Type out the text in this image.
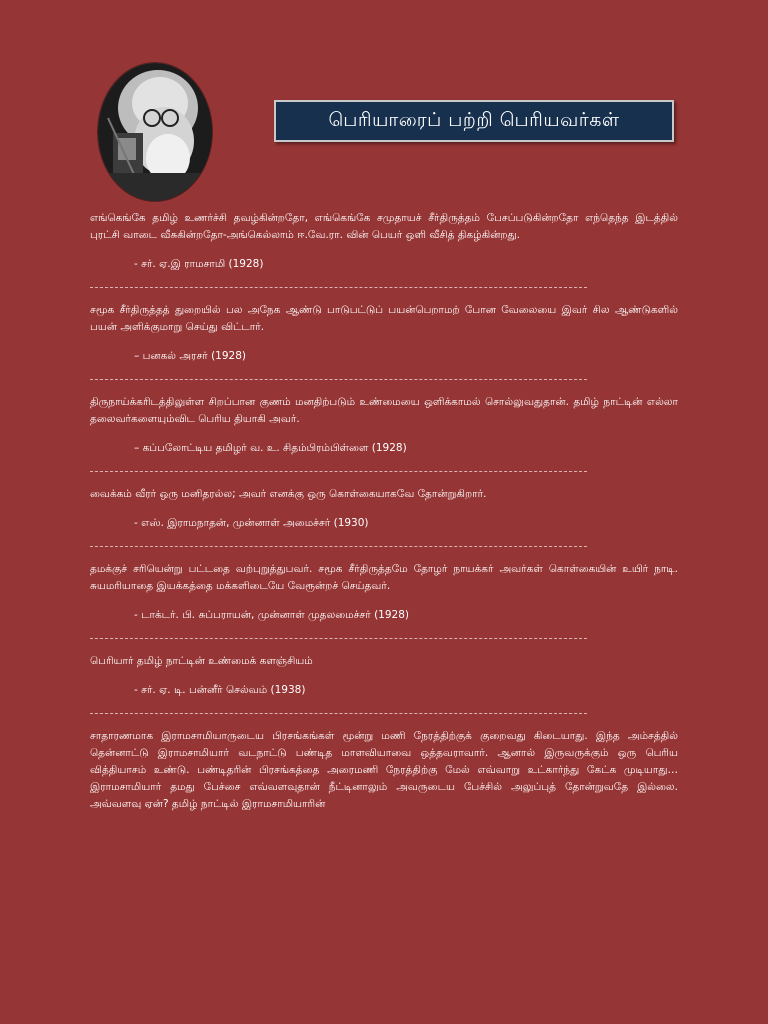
பெரியாரைப் பற்றி பெரியவர்கள்

எங்கெங்கே தமிழ் உணர்ச்சி தவழ்கின்றதோ, எங்கெங்கே சமுதாயச் சீர்திருத்தம் பேசப்படுகின்றதோ எந்தெந்த இடத்தில் புரட்சி வாடை வீசுகின்றதோ-அங்கெல்லாம் ஈ.வே.ரா. வின் பெயர் ஒளி வீசித் திகழ்கின்றது.

- சர். ஏ.இ ராமசாமி (1928)

சமூக சீர்திருத்தத் துறையில் பல அநேக ஆண்டு பாடுபட்டுப் பயன்பெறாமற் போன வேலையை இவர் சில ஆண்டுகளில் பயன் அளிக்குமாறு செய்து விட்டார்.

– பனகல் அரசர் (1928)

திருநாய்க்கரிடத்திலுள்ள சிறப்பான குணம் மனதிற்படும் உண்மையை ஒளிக்காமல் சொல்லுவதுதான். தமிழ் நாட்டின் எல்லா தலைவர்களையும்விட பெரிய தியாகி அவர்.

– கப்பலோட்டிய தமிழர் வ. உ. சிதம்பிரம்பிள்ளை (1928)

வைக்கம் வீரர் ஒரு மனிதரல்ல; அவர் எனக்கு ஒரு கொள்கையாகவே தோன்றுகிறார்.

- எஸ். இராமநாதன், முன்னாள் அமைச்சர் (1930)

தமக்குச் சரியென்று பட்டதை வற்புறுத்துபவர். சமூக சீர்திருத்தமே தோழர் நாயக்கர் அவர்கள் கொள்கையின் உயிர் நாடி. சுயமரியாதை இயக்கத்தை மக்களிடையே வேரூன்றச் செய்தவர்.

- டாக்டர். பி. சுப்பராயன், முன்னாள் முதலமைச்சர் (1928)

பெரியார் தமிழ் நாட்டின் உண்மைக் களஞ்சியம்

- சர். ஏ. டி. பன்னீர் செல்வம் (1938)

சாதாரணமாக இராமசாமியாருடைய பிரசங்கங்கள் மூன்று மணி நேரத்திற்குக் குறைவது கிடையாது. இந்த அம்சத்தில் தென்னாட்டு இராமசாமியார் வடநாட்டு பண்டித மாளவியாவை ஒத்தவராவார். ஆனால் இருவருக்கும் ஒரு பெரிய வித்தியாசம் உண்டு. பண்டிதரின் பிரசங்கத்தை அரைமணி நேரத்திற்கு மேல் எவ்வாறு உட்கார்ந்து கேட்க முடியாது… இராமசாமியார் தமது பேச்சை எவ்வளவுதான் நீட்டினாலும் அவருடைய பேச்சில் அலுப்புத் தோன்றுவதே இல்லை. அவ்வளவு ஏன்? தமிழ் நாட்டில் இராமசாமியாரின்
